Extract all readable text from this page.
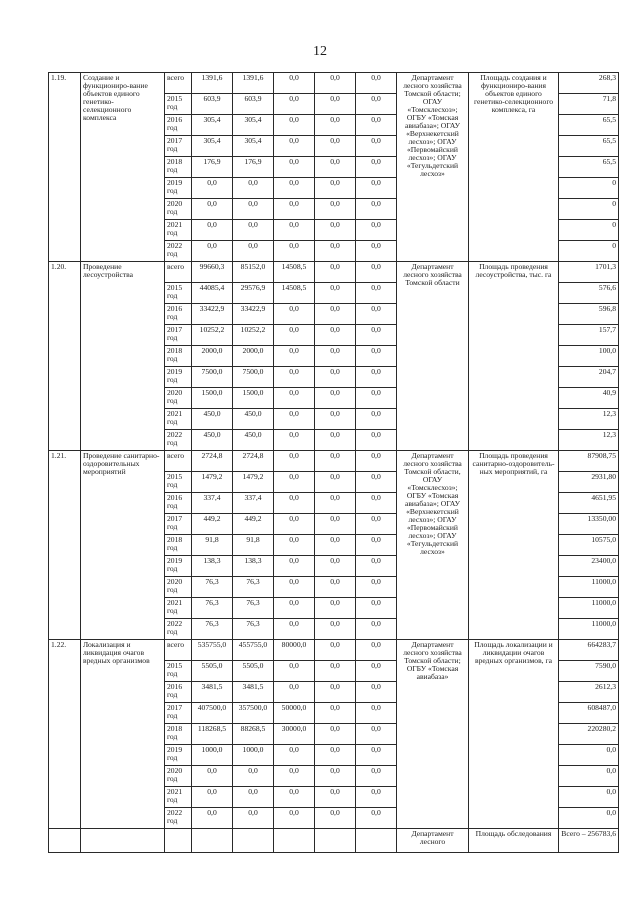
12
1.19.	Создание и функциониро-вание объектов единого генетико-селекционного комплекса	всего	1391,6	1391,6	0,0	0,0	0,0	Департамент лесного хозяйства Томской области; ОГАУ «Томсклесхоз»; ОГБУ «Томская авиабаза»; ОГАУ «Верхнекетский лесхоз»; ОГАУ «Первомайский лесхоз»; ОГАУ «Тегульдетский лесхоз»	Площадь создания и функциониро-вания объектов единого генетико-селекционного комплекса, га	268,3
		2015 год	603,9	603,9	0,0	0,0	0,0			71,8
		2016 год	305,4	305,4	0,0	0,0	0,0			65,5
		2017 год	305,4	305,4	0,0	0,0	0,0			65,5
		2018 год	176,9	176,9	0,0	0,0	0,0			65,5
		2019 год	0,0	0,0	0,0	0,0	0,0			0
		2020 год	0,0	0,0	0,0	0,0	0,0			0
		2021 год	0,0	0,0	0,0	0,0	0,0			0
		2022 год	0,0	0,0	0,0	0,0	0,0			0
1.20.	Проведение лесоустройства	всего	99660,3	85152,0	14508,5	0,0	0,0	Департамент лесного хозяйства Томской области	Площадь проведения лесоустройства, тыс. га	1701,3
		2015 год	44085,4	29576,9	14508,5	0,0	0,0			576,6
		2016 год	33422,9	33422,9	0,0	0,0	0,0			596,8
		2017 год	10252,2	10252,2	0,0	0,0	0,0			157,7
		2018 год	2000,0	2000,0	0,0	0,0	0,0			100,0
		2019 год	7500,0	7500,0	0,0	0,0	0,0			204,7
		2020 год	1500,0	1500,0	0,0	0,0	0,0			40,9
		2021 год	450,0	450,0	0,0	0,0	0,0			12,3
		2022 год	450,0	450,0	0,0	0,0	0,0			12,3
1.21.	Проведение санитарно-оздоровительных мероприятий	всего	2724,8	2724,8	0,0	0,0	0,0	Департамент лесного хозяйства Томской области, ОГАУ «Томсклесхоз»; ОГБУ «Томская авиабаза»; ОГАУ «Верхнекетский лесхоз»; ОГАУ «Первомайский лесхоз»; ОГАУ «Тегульдетский лесхоз»	Площадь проведения санитарно-оздоровитель-ных мероприятий, га	87908,75
		2015 год	1479,2	1479,2	0,0	0,0	0,0			2931,80
		2016 год	337,4	337,4	0,0	0,0	0,0			4651,95
		2017 год	449,2	449,2	0,0	0,0	0,0			13350,00
		2018 год	91,8	91,8	0,0	0,0	0,0			10575,0
		2019 год	138,3	138,3	0,0	0,0	0,0			23400,0
		2020 год	76,3	76,3	0,0	0,0	0,0			11000,0
		2021 год	76,3	76,3	0,0	0,0	0,0			11000,0
		2022 год	76,3	76,3	0,0	0,0	0,0			11000,0
1.22.	Локализация и ликвидация очагов вредных организмов	всего	535755,0	455755,0	80000,0	0,0	0,0	Департамент лесного хозяйства Томской области; ОГБУ «Томская авиабаза»	Площадь локализации и ликвидации очагов вредных организмов, га	664283,7
		2015 год	5505,0	5505,0	0,0	0,0	0,0			7590,0
		2016 год	3481,5	3481,5	0,0	0,0	0,0			2612,3
		2017 год	407500,0	357500,0	50000,0	0,0	0,0			608487,0
		2018 год	118268,5	88268,5	30000,0	0,0	0,0			220280,2
		2019 год	1000,0	1000,0	0,0	0,0	0,0			0,0
		2020 год	0,0	0,0	0,0	0,0	0,0			0,0
		2021 год	0,0	0,0	0,0	0,0	0,0			0,0
		2022 год	0,0	0,0	0,0	0,0	0,0			0,0
								Департамент лесного	Площадь обследования	Всего – 256783,6
